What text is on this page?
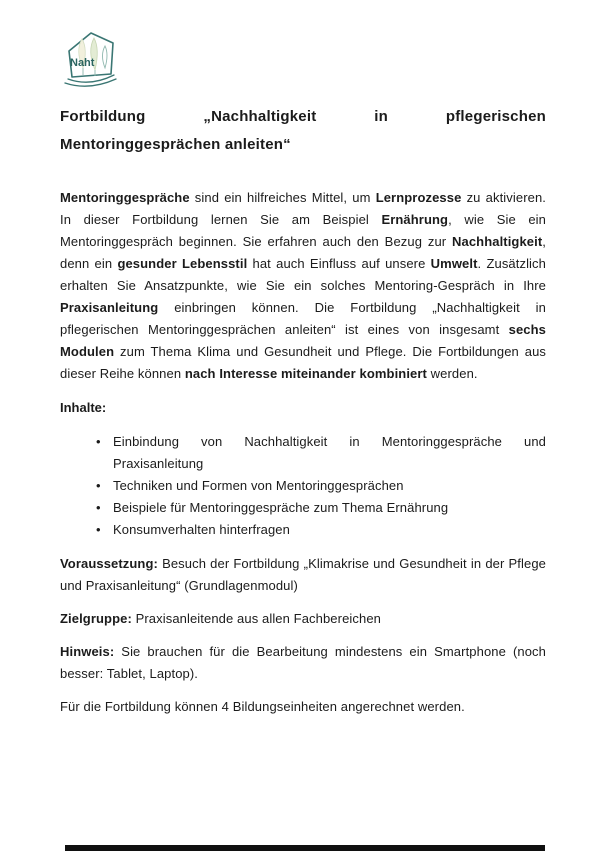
Naht
Fortbildung „Nachhaltigkeit in pflegerischen Mentoringgesprächen anleiten“

Mentoringgespräche sind ein hilfreiches Mittel, um Lernprozesse zu aktivieren. In dieser Fortbildung lernen Sie am Beispiel Ernährung, wie Sie ein Mentoringgespräch beginnen. Sie erfahren auch den Bezug zur Nachhaltigkeit, denn ein gesunder Lebensstil hat auch Einfluss auf unsere Umwelt. Zusätzlich erhalten Sie Ansatzpunkte, wie Sie ein solches Mentoring-Gespräch in Ihre Praxisanleitung einbringen können. Die Fortbildung „Nachhaltigkeit in pflegerischen Mentoringgesprächen anleiten“ ist eines von insgesamt sechs Modulen zum Thema Klima und Gesundheit und Pflege. Die Fortbildungen aus dieser Reihe können nach Interesse miteinander kombiniert werden.

Inhalte:

• Einbindung von Nachhaltigkeit in Mentoringgespräche und Praxisanleitung
• Techniken und Formen von Mentoringgesprächen
• Beispiele für Mentoringgespräche zum Thema Ernährung
• Konsumverhalten hinterfragen

Voraussetzung: Besuch der Fortbildung „Klimakrise und Gesundheit in der Pflege und Praxisanleitung“ (Grundlagenmodul)

Zielgruppe: Praxisanleitende aus allen Fachbereichen

Hinweis: Sie brauchen für die Bearbeitung mindestens ein Smartphone (noch besser: Tablet, Laptop).

Für die Fortbildung können 4 Bildungseinheiten angerechnet werden.
